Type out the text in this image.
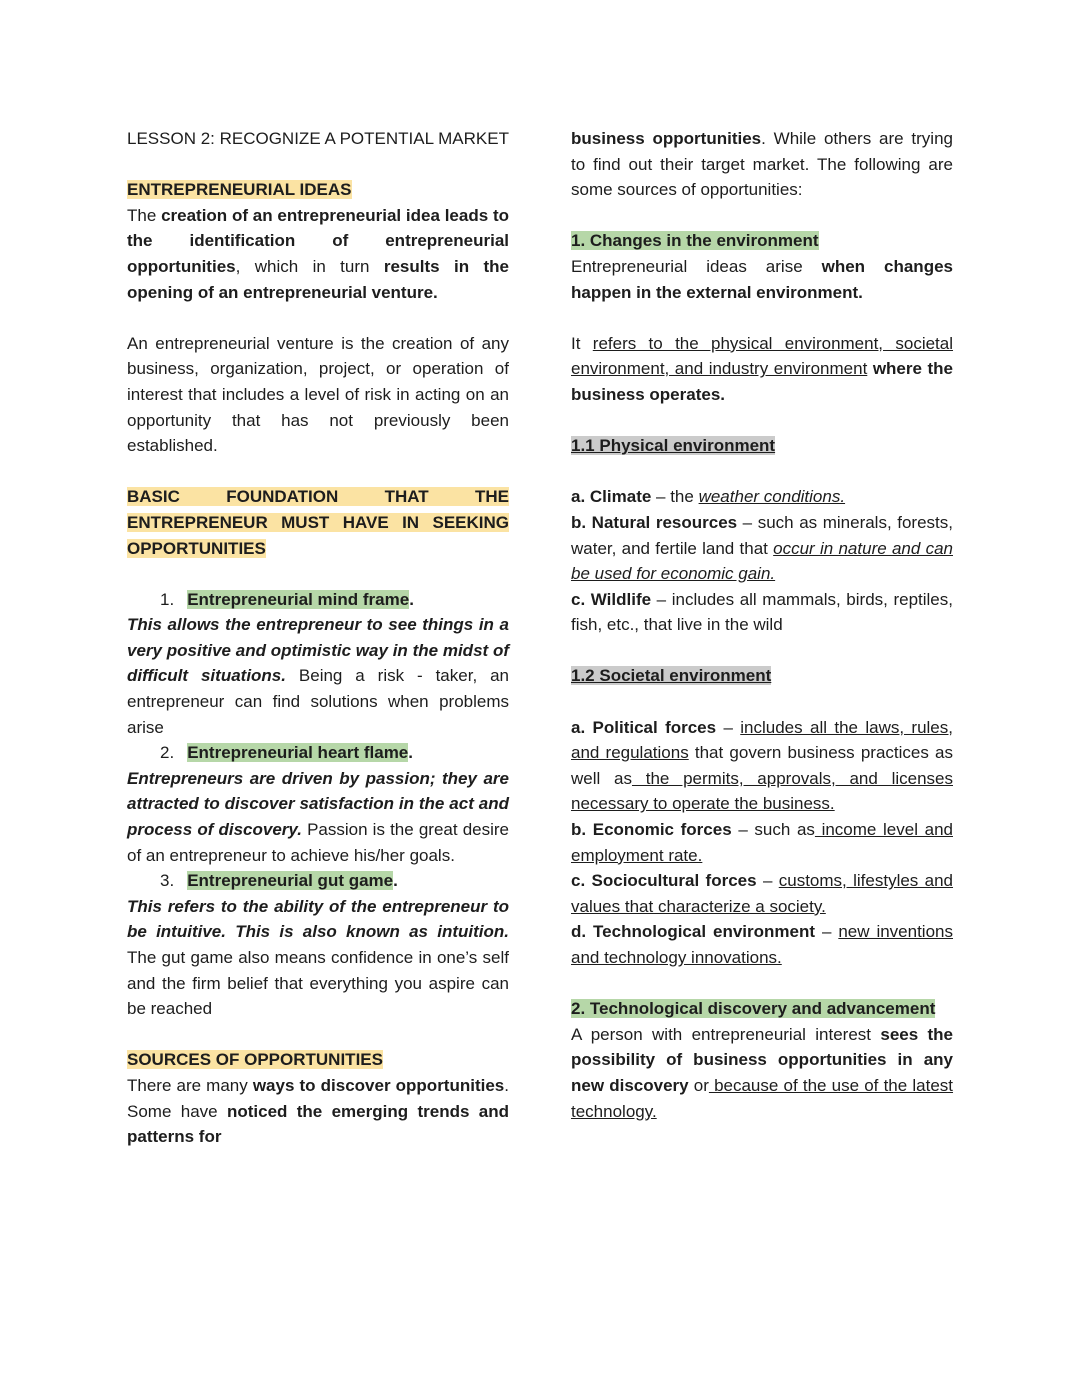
LESSON 2: RECOGNIZE A POTENTIAL MARKET

ENTREPRENEURIAL IDEAS

The creation of an entrepreneurial idea leads to the identification of entrepreneurial opportunities, which in turn results in the opening of an entrepreneurial venture.

An entrepreneurial venture is the creation of any business, organization, project, or operation of interest that includes a level of risk in acting on an opportunity that has not previously been established.

BASIC FOUNDATION THAT THE ENTREPRENEUR MUST HAVE IN SEEKING OPPORTUNITIES

1. Entrepreneurial mind frame.

This allows the entrepreneur to see things in a very positive and optimistic way in the midst of difficult situations. Being a risk - taker, an entrepreneur can find solutions when problems arise

2. Entrepreneurial heart flame.

Entrepreneurs are driven by passion; they are attracted to discover satisfaction in the act and process of discovery. Passion is the great desire of an entrepreneur to achieve his/her goals.

3. Entrepreneurial gut game.

This refers to the ability of the entrepreneur to be intuitive. This is also known as intuition. The gut game also means confidence in one’s self and the firm belief that everything you aspire can be reached

SOURCES OF OPPORTUNITIES

There are many ways to discover opportunities. Some have noticed the emerging trends and patterns for

business opportunities. While others are trying to find out their target market. The following are some sources of opportunities:

1. Changes in the environment

Entrepreneurial ideas arise when changes happen in the external environment.

It refers to the physical environment, societal environment, and industry environment where the business operates.

1.1 Physical environment

a. Climate – the weather conditions.

b. Natural resources – such as minerals, forests, water, and fertile land that occur in nature and can be used for economic gain.

c. Wildlife – includes all mammals, birds, reptiles, fish, etc., that live in the wild

1.2 Societal environment

a. Political forces – includes all the laws, rules, and regulations that govern business practices as well as the permits, approvals, and licenses necessary to operate the business.

b. Economic forces – such as income level and employment rate.

c. Sociocultural forces – customs, lifestyles and values that characterize a society.

d. Technological environment – new inventions and technology innovations.

2. Technological discovery and advancement

A person with entrepreneurial interest sees the possibility of business opportunities in any new discovery or because of the use of the latest technology.
